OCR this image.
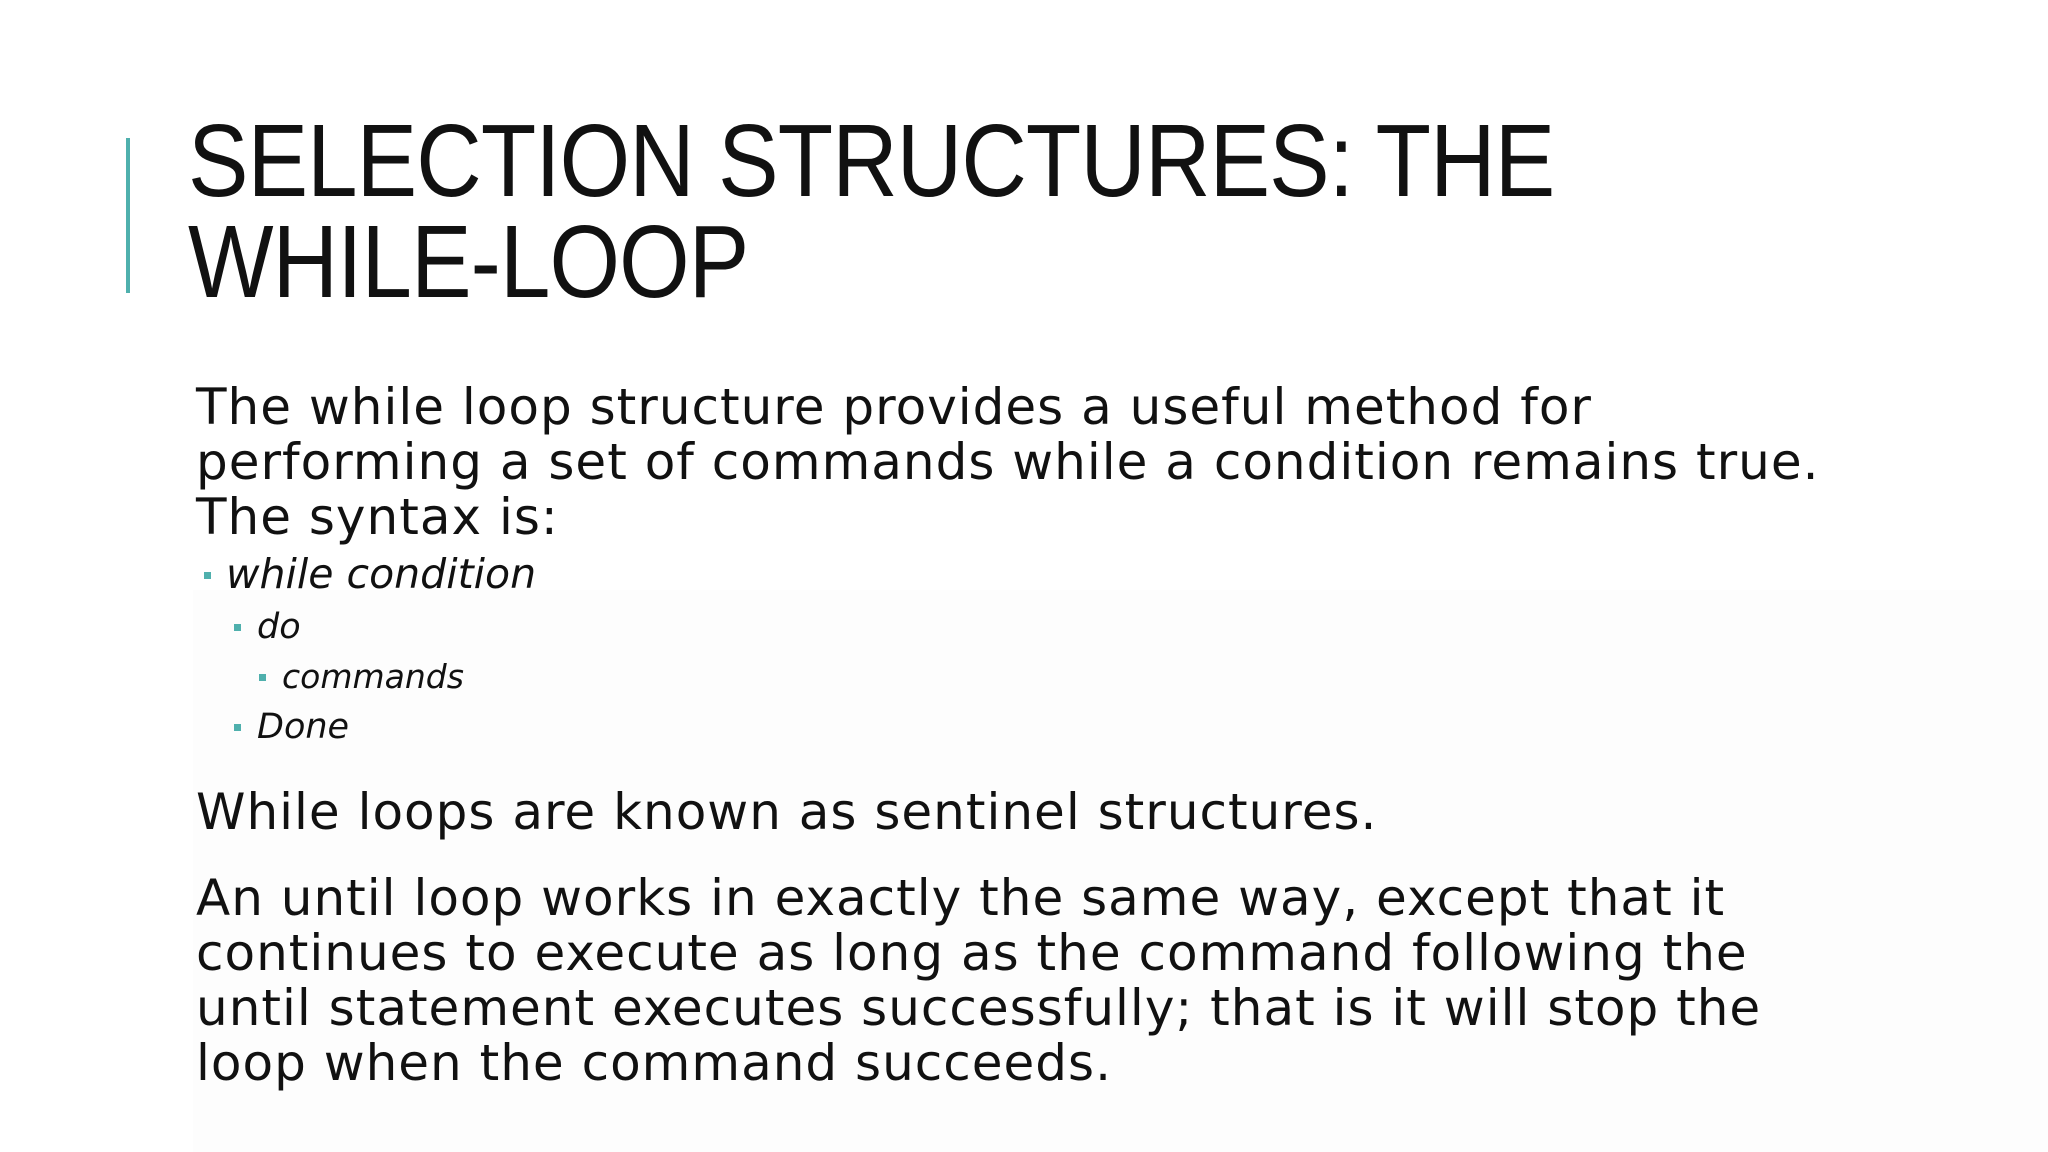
SELECTION STRUCTURES: THE
WHILE-LOOP

The while loop structure provides a useful method for
performing a set of commands while a condition remains true.
The syntax is:

while condition
do
commands
Done

While loops are known as sentinel structures.

An until loop works in exactly the same way, except that it
continues to execute as long as the command following the
until statement executes successfully; that is it will stop the
loop when the command succeeds.
